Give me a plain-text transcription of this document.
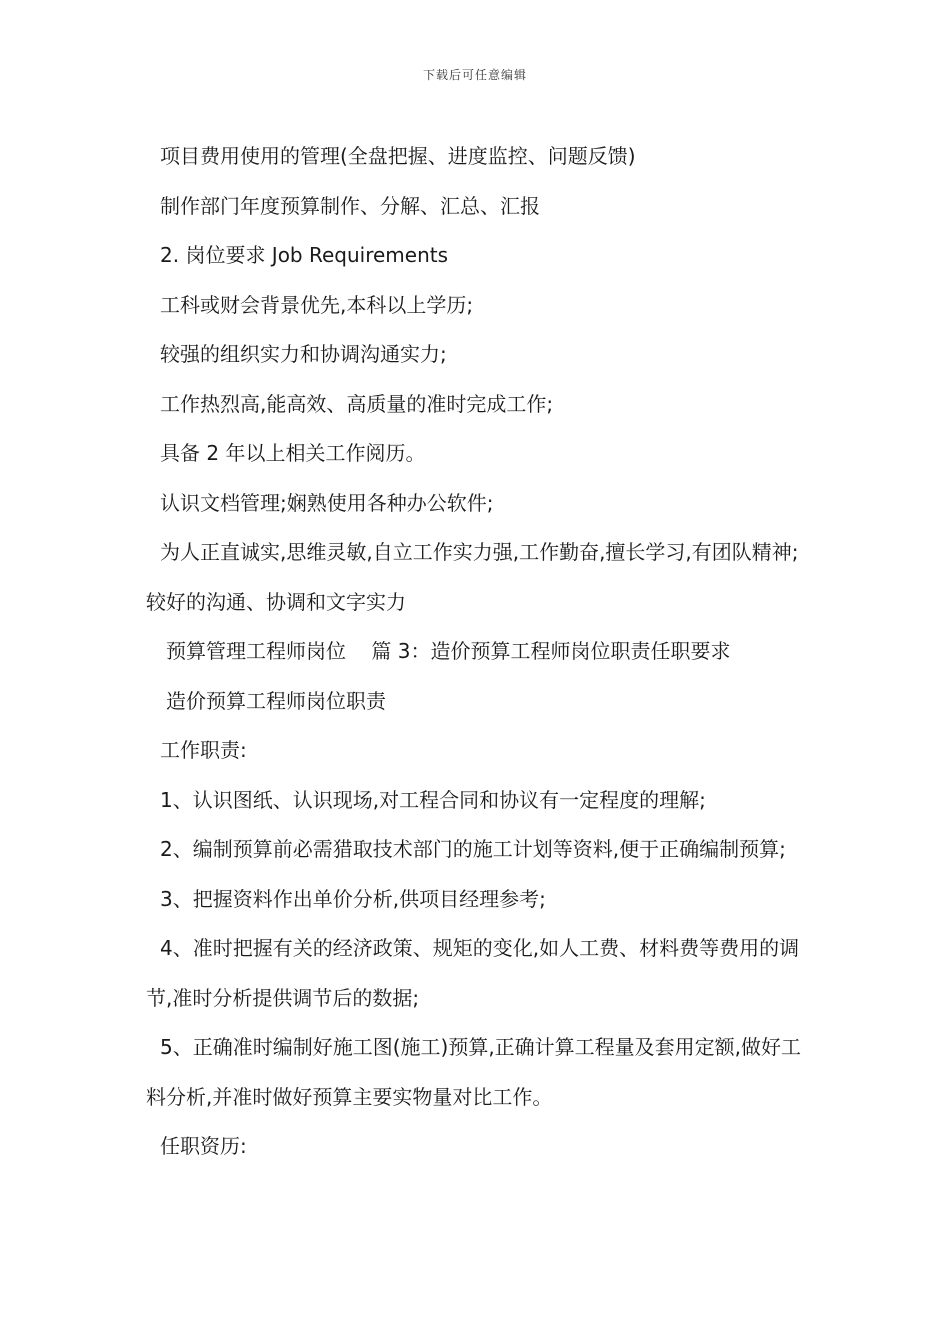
下载后可任意编辑

项目费用使用的管理(全盘把握、进度监控、问题反馈)

制作部门年度预算制作、分解、汇总、汇报

2. 岗位要求 Job Requirements

工科或财会背景优先,本科以上学历;

较强的组织实力和协调沟通实力;

工作热烈高,能高效、高质量的准时完成工作;

具备 2 年以上相关工作阅历。

认识文档管理;娴熟使用各种办公软件;

为人正直诚实,思维灵敏,自立工作实力强,工作勤奋,擅长学习,有团队精神;较好的沟通、协调和文字实力

预算管理工程师岗位    篇 3：造价预算工程师岗位职责任职要求

造价预算工程师岗位职责

工作职责:

1、认识图纸、认识现场,对工程合同和协议有一定程度的理解;

2、编制预算前必需猎取技术部门的施工计划等资料,便于正确编制预算;

3、把握资料作出单价分析,供项目经理参考;

4、准时把握有关的经济政策、规矩的变化,如人工费、材料费等费用的调节,准时分析提供调节后的数据;

5、正确准时编制好施工图(施工)预算,正确计算工程量及套用定额,做好工料分析,并准时做好预算主要实物量对比工作。

任职资历:
